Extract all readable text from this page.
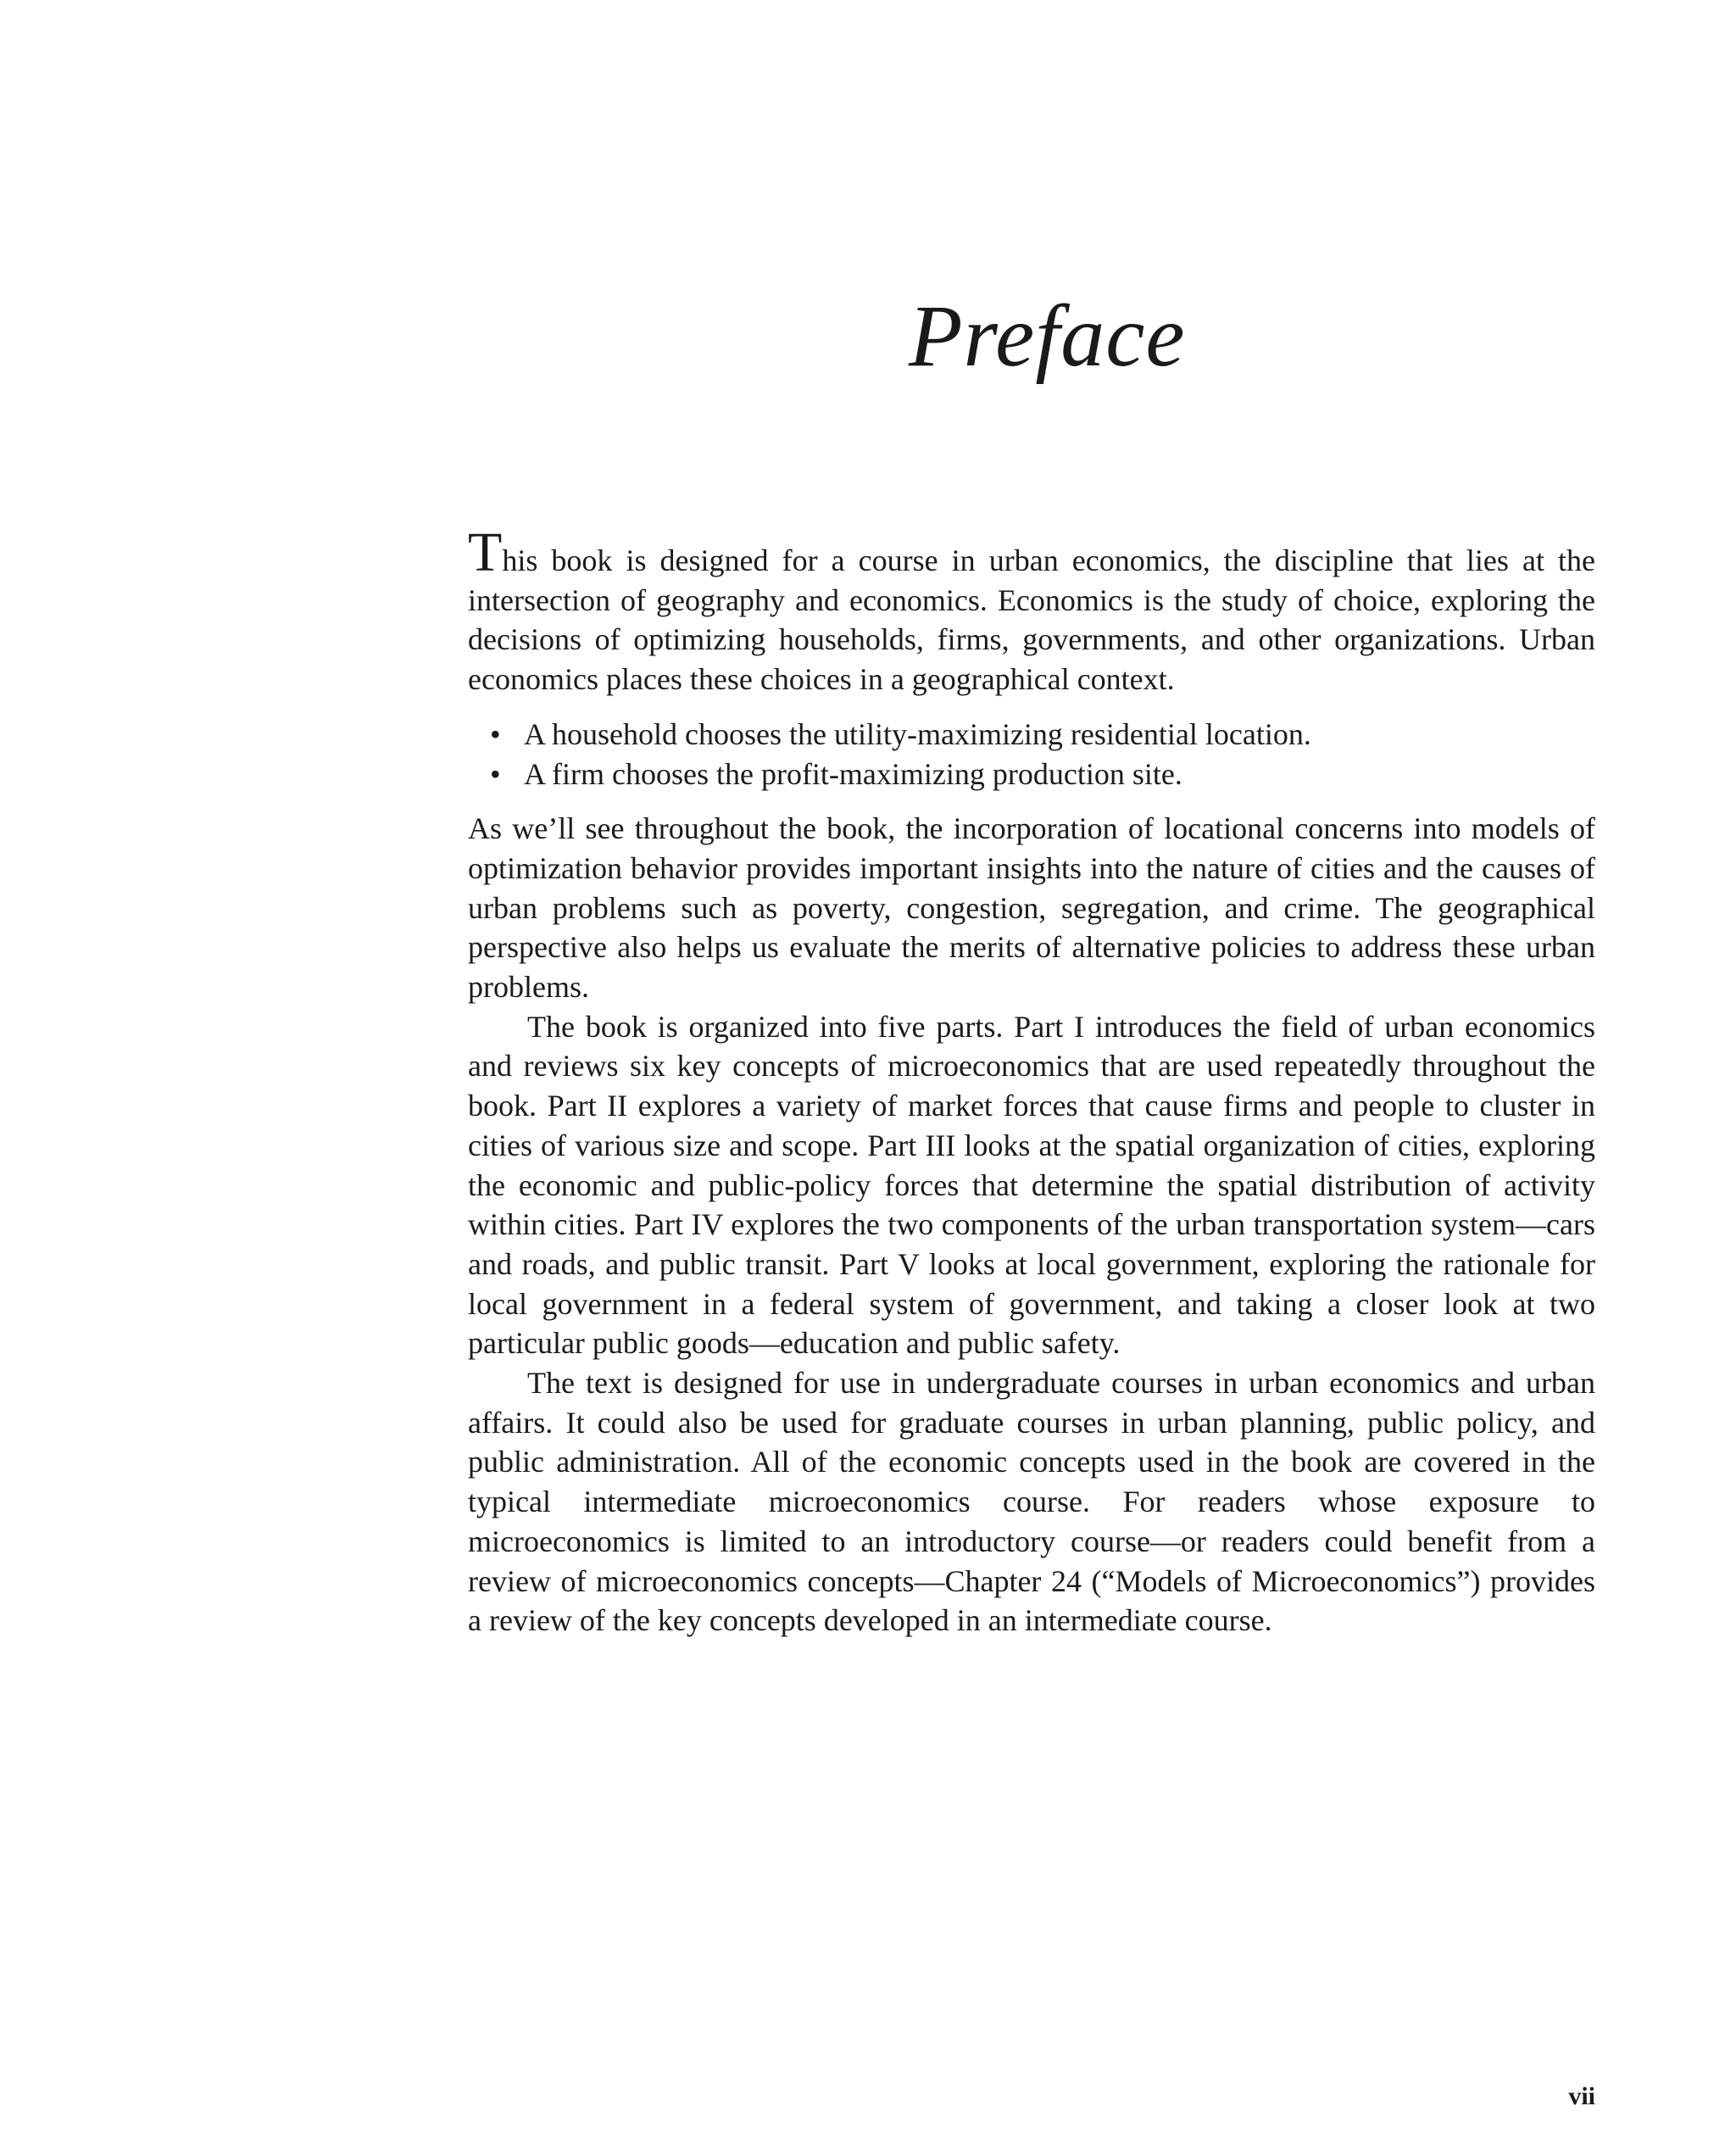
Preface

This book is designed for a course in urban economics, the discipline that lies at the intersection of geography and economics. Economics is the study of choice, exploring the decisions of optimizing households, firms, governments, and other organizations. Urban economics places these choices in a geographical context.

• A household chooses the utility-maximizing residential location.
• A firm chooses the profit-maximizing production site.

As we’ll see throughout the book, the incorporation of locational concerns into models of optimization behavior provides important insights into the nature of cities and the causes of urban problems such as poverty, congestion, segregation, and crime. The geographical perspective also helps us evaluate the merits of alternative policies to address these urban problems.

The book is organized into five parts. Part I introduces the field of urban economics and reviews six key concepts of microeconomics that are used repeatedly throughout the book. Part II explores a variety of market forces that cause firms and people to cluster in cities of various size and scope. Part III looks at the spatial organization of cities, exploring the economic and public-policy forces that determine the spatial distribution of activity within cities. Part IV explores the two components of the urban transportation system—cars and roads, and public transit. Part V looks at local government, exploring the rationale for local government in a federal system of government, and taking a closer look at two particular public goods—education and public safety.

The text is designed for use in undergraduate courses in urban economics and urban affairs. It could also be used for graduate courses in urban planning, public policy, and public administration. All of the economic concepts used in the book are covered in the typical intermediate microeconomics course. For readers whose exposure to microeconomics is limited to an introductory course—or readers could benefit from a review of microeconomics concepts—Chapter 24 (“Models of Microeconomics”) provides a review of the key concepts developed in an intermediate course.

vii
